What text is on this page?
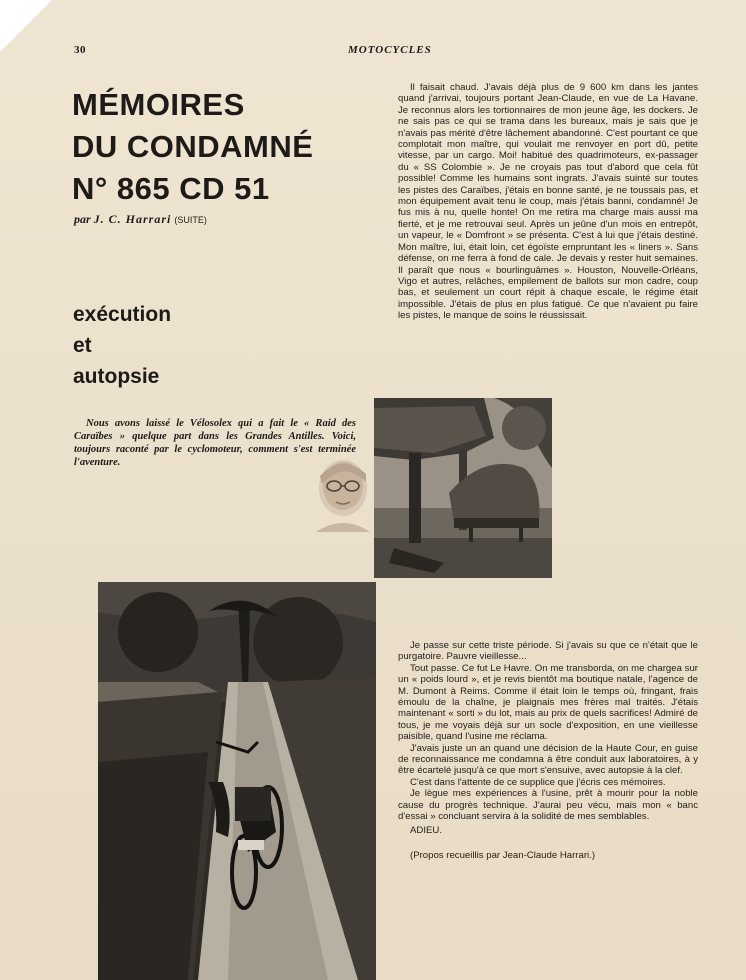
30	MOTOCYCLES
MÉMOIRES
DU CONDAMNÉ
N° 865 CD 51
par J. C. Harrari (SUITE)
exécution
et
autopsie

Nous avons laissé le Vélosolex qui a fait le « Raid des Caraïbes » quelque part dans les Grandes Antilles. Voici, toujours raconté par le cyclomoteur, comment s'est terminée l'aventure.

Il faisait chaud. J'avais déjà plus de 9 600 km dans les jantes quand j'arrivai, toujours portant Jean-Claude, en vue de La Havane. Je reconnus alors les tortionnaires de mon jeune âge, les dockers. Je ne sais pas ce qui se trama dans les bureaux, mais je sais que je n'avais pas mérité d'être lâchement abandonné. C'est pourtant ce que complotait mon maître, qui voulait me renvoyer en port dû, petite vitesse, par un cargo. Moi! habitué des quadrimoteurs, ex-passager du « SS Colombie ». Je ne croyais pas tout d'abord que cela fût possible! Comme les humains sont ingrats. J'avais suinté sur toutes les pistes des Caraïbes, j'étais en bonne santé, je ne toussais pas, et mon équipement avait tenu le coup, mais j'étais banni, condamné! Je fus mis à nu, quelle honte! On me retira ma charge mais aussi ma fierté, et je me retrouvai seul. Après un jeûne d'un mois en entrepôt, un vapeur, le « Domfront » se présenta. C'est à lui que j'étais destiné. Mon maître, lui, était loin, cet égoïste empruntant les « liners ». Sans défense, on me ferra à fond de cale. Je devais y rester huit semaines. Il paraît que nous « bourlinguâmes ». Houston, Nouvelle-Orléans, Vigo et autres, relâches, empilement de ballots sur mon cadre, coup bas, et seulement un court répit à chaque escale, le régime était impossible. J'étais de plus en plus fatigué. Ce que n'avaient pu faire les pistes, le manque de soins le réussissait.

Je passe sur cette triste période. Si j'avais su que ce n'était que le purgatoire. Pauvre vieillesse...

Tout passe. Ce fut Le Havre. On me transborda, on me chargea sur un « poids lourd », et je revis bientôt ma boutique natale, l'agence de M. Dumont à Reims. Comme il était loin le temps où, fringant, frais émoulu de la chaîne, je plaignais mes frères mal traités. J'étais maintenant « sorti » du lot, mais au prix de quels sacrifices! Admiré de tous, je me voyais déjà sur un socle d'exposition, en une vieillesse paisible, quand l'usine me réclama.

J'avais juste un an quand une décision de la Haute Cour, en guise de reconnaissance me condamna à être conduit aux laboratoires, à y être écartelé jusqu'à ce que mort s'ensuive, avec autopsie à la clef.

C'est dans l'attente de ce supplice que j'écris ces mémoires.

Je lègue mes expériences à l'usine, prêt à mourir pour la noble cause du progrès technique. J'aurai peu vécu, mais mon « banc d'essai » concluant servira à la solidité de mes semblables.

ADIEU.

(Propos recueillis par Jean-Claude Harrari.)
